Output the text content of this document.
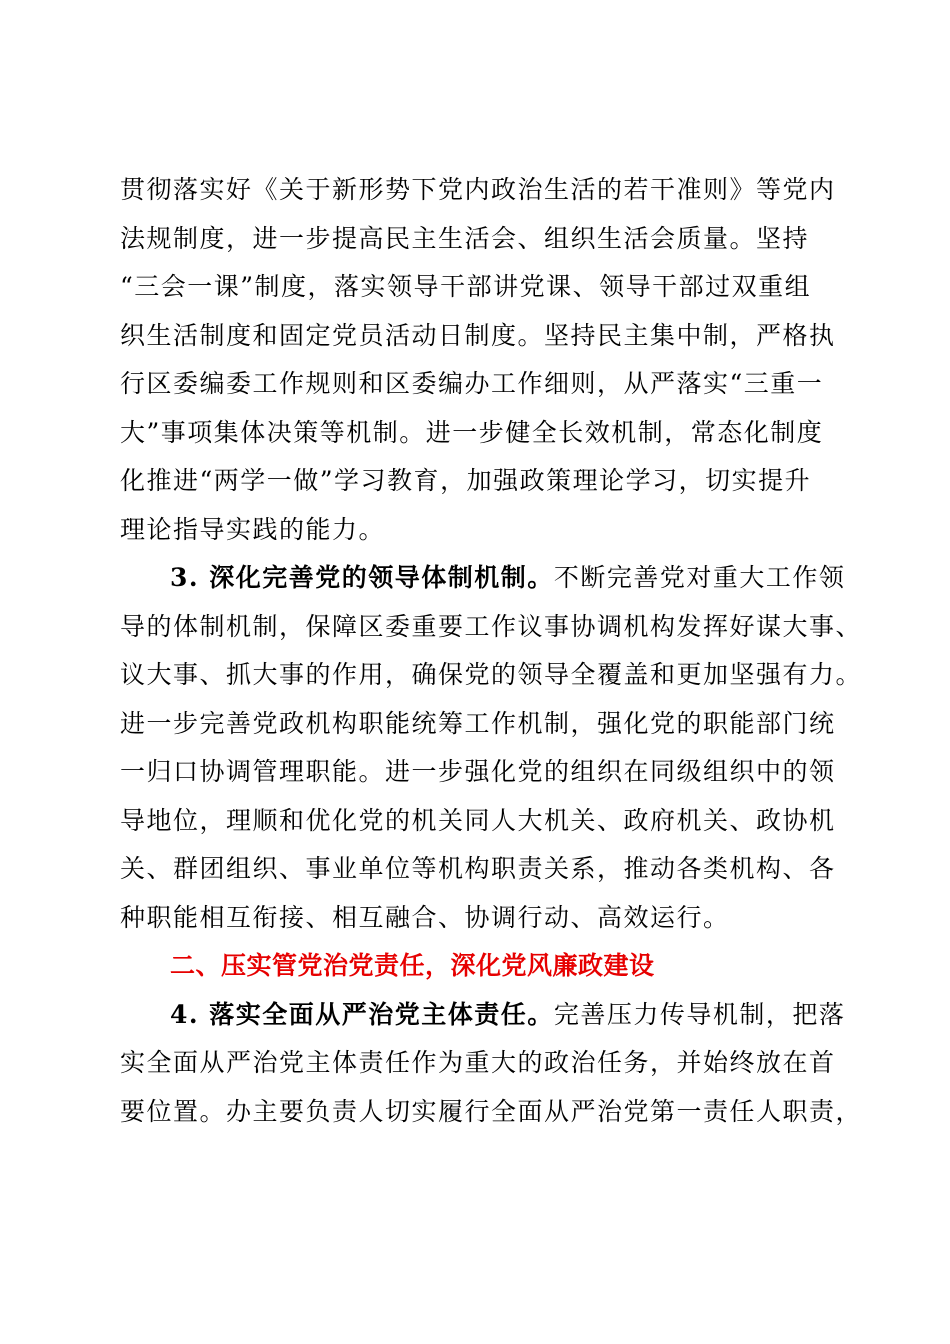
贯彻落实好《关于新形势下党内政治生活的若干准则》等党内
法规制度，进一步提高民主生活会、组织生活会质量。坚持
“三会一课”制度，落实领导干部讲党课、领导干部过双重组
织生活制度和固定党员活动日制度。坚持民主集中制，严格执
行区委编委工作规则和区委编办工作细则，从严落实“三重一
大”事项集体决策等机制。进一步健全长效机制，常态化制度
化推进“两学一做”学习教育，加强政策理论学习，切实提升
理论指导实践的能力。

3. 深化完善党的领导体制机制。不断完善党对重大工作领
导的体制机制，保障区委重要工作议事协调机构发挥好谋大事、
议大事、抓大事的作用，确保党的领导全覆盖和更加坚强有力。
进一步完善党政机构职能统筹工作机制，强化党的职能部门统
一归口协调管理职能。进一步强化党的组织在同级组织中的领
导地位，理顺和优化党的机关同人大机关、政府机关、政协机
关、群团组织、事业单位等机构职责关系，推动各类机构、各
种职能相互衔接、相互融合、协调行动、高效运行。

二、压实管党治党责任，深化党风廉政建设

4. 落实全面从严治党主体责任。完善压力传导机制，把落
实全面从严治党主体责任作为重大的政治任务，并始终放在首
要位置。办主要负责人切实履行全面从严治党第一责任人职责，
